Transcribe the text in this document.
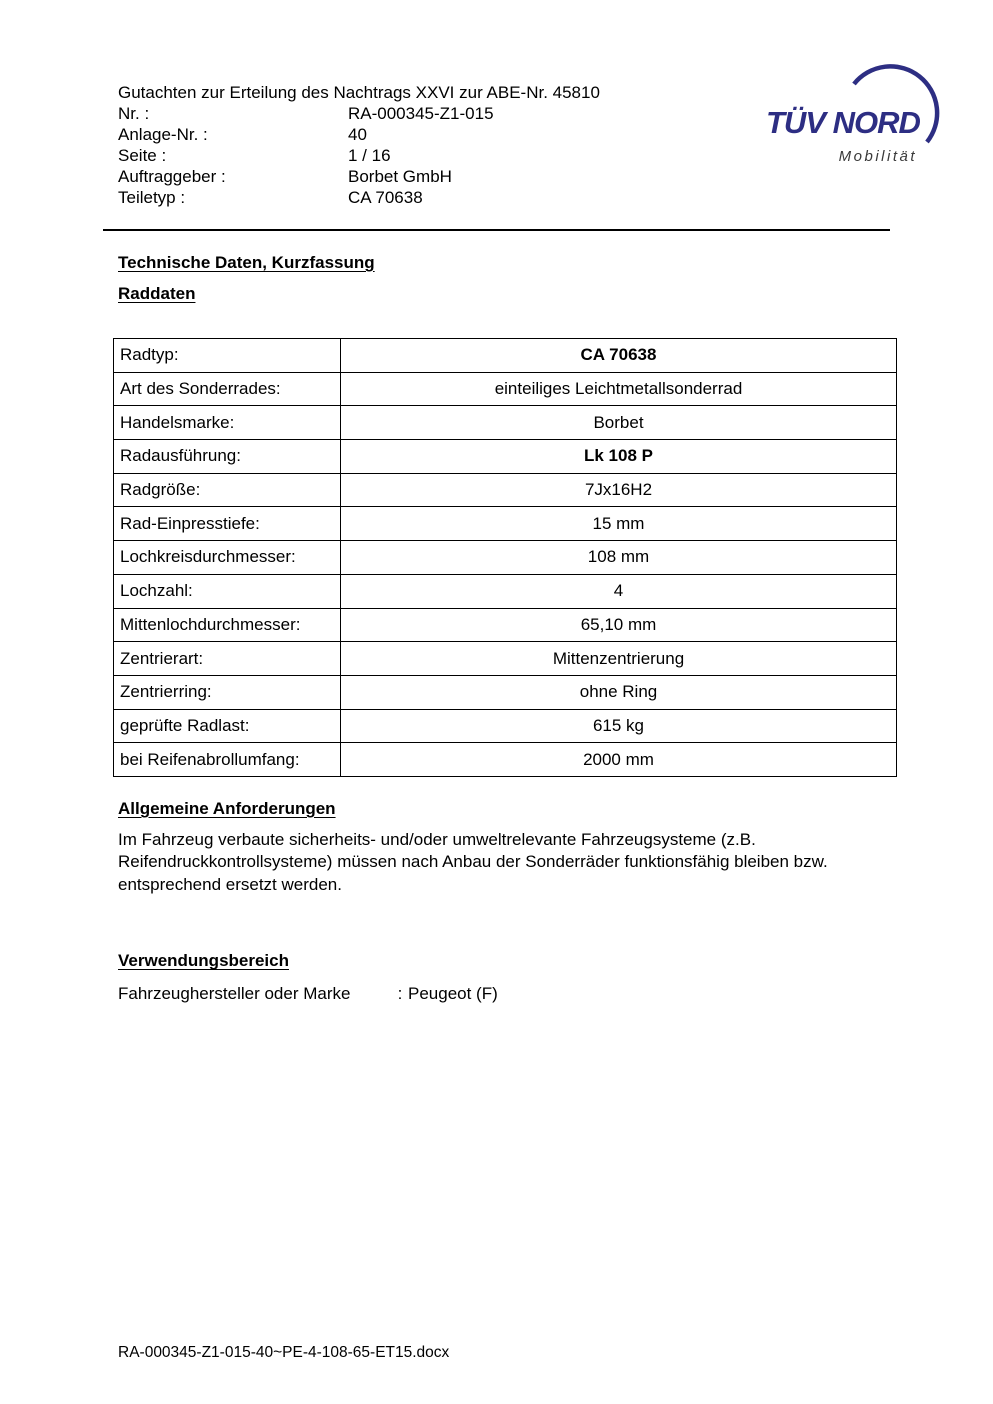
TÜV NORD
Mobilität
Gutachten zur Erteilung des Nachtrags XXVI zur ABE-Nr. 45810
Nr. :	RA-000345-Z1-015
Anlage-Nr. :	40
Seite :	1 / 16
Auftraggeber :	Borbet GmbH
Teiletyp :	CA 70638
Technische Daten, Kurzfassung
Raddaten
Radtyp:	CA 70638
Art des Sonderrades:	einteiliges Leichtmetallsonderrad
Handelsmarke:	Borbet
Radausführung:	Lk 108 P
Radgröße:	7Jx16H2
Rad-Einpresstiefe:	15 mm
Lochkreisdurchmesser:	108 mm
Lochzahl:	4
Mittenlochdurchmesser:	65,10 mm
Zentrierart:	Mittenzentrierung
Zentrierring:	ohne Ring
geprüfte Radlast:	615 kg
bei Reifenabrollumfang:	2000 mm
Allgemeine Anforderungen

Im Fahrzeug verbaute sicherheits- und/oder umweltrelevante Fahrzeugsysteme (z.B. Reifendruckkontrollsysteme) müssen nach Anbau der Sonderräder funktionsfähig bleiben bzw. entsprechend ersetzt werden.

Verwendungsbereich
Fahrzeughersteller oder Marke	: Peugeot (F)
RA-000345-Z1-015-40~PE-4-108-65-ET15.docx
